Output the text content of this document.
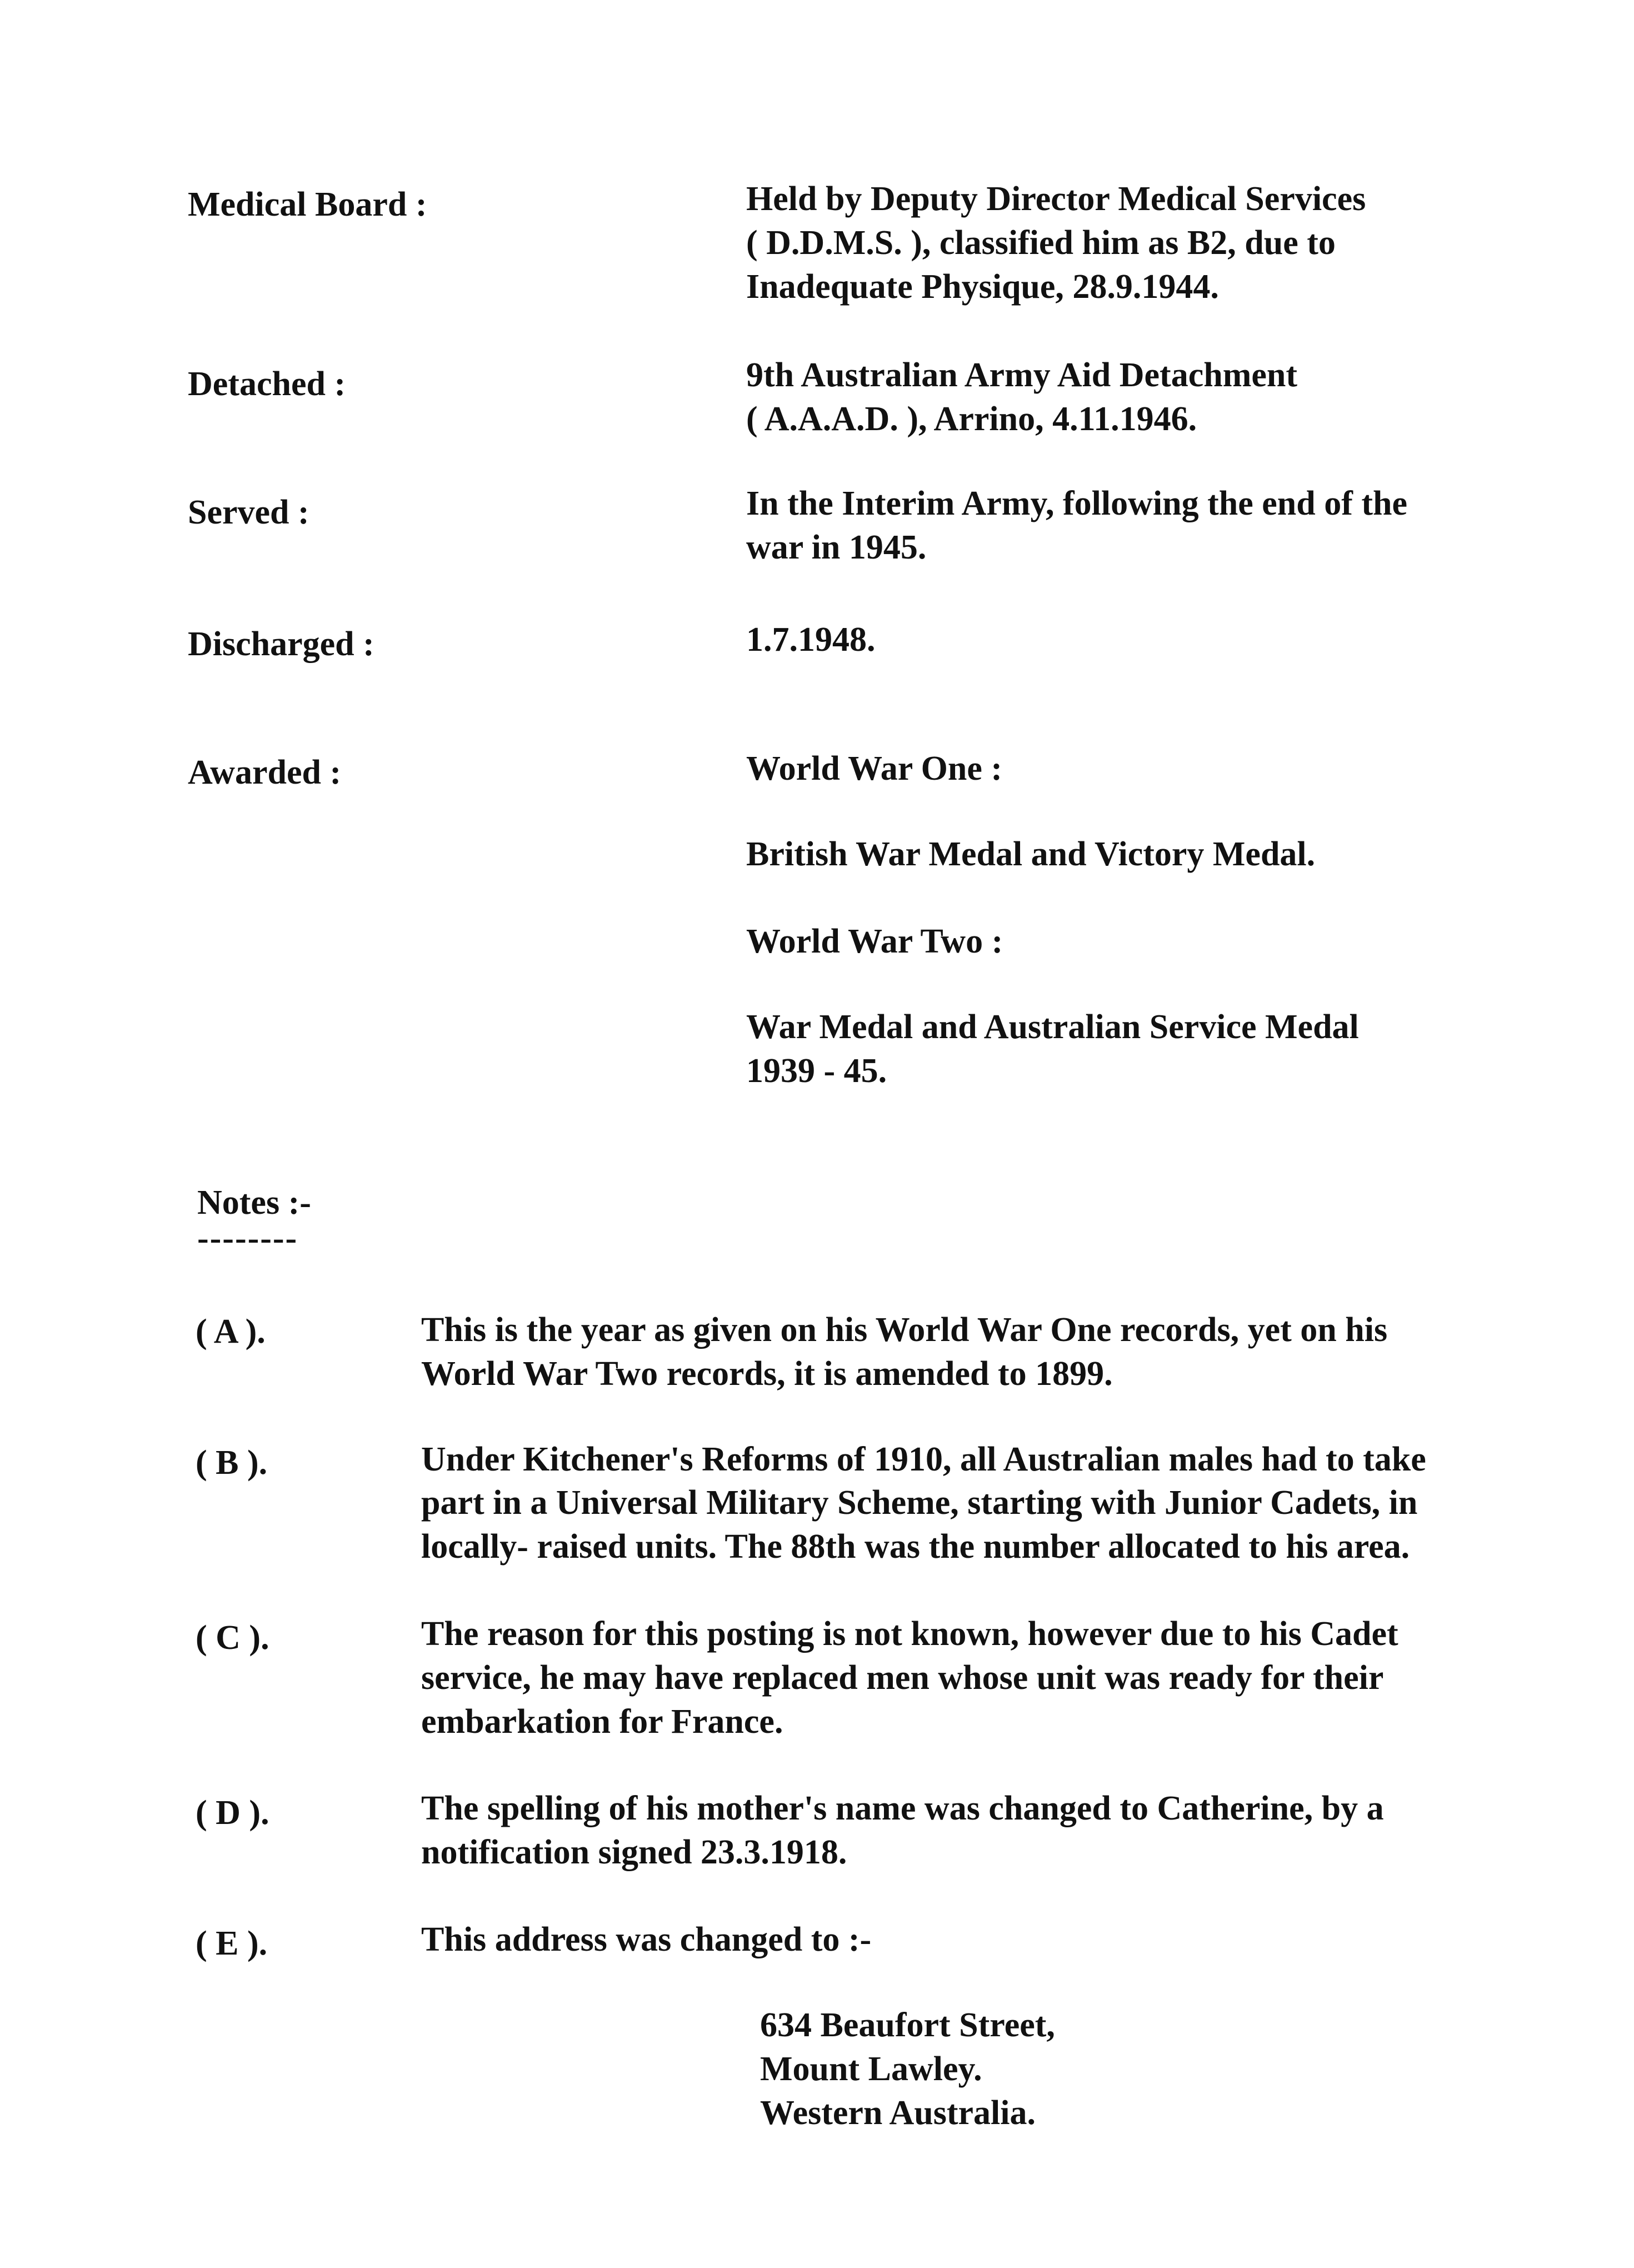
Medical Board :	Held by Deputy Director Medical Services
( D.D.M.S. ), classified him as B2, due to
Inadequate Physique, 28.9.1944.
Detached :	9th Australian Army Aid Detachment
( A.A.A.D. ), Arrino, 4.11.1946.
Served :	In the Interim Army, following the end of the
war in 1945.
Discharged :	1.7.1948.
Awarded :	World War One :
British War Medal and Victory Medal.
World War Two :
War Medal and Australian Service Medal
1939 - 45.
Notes :-
--------
( A ).	This is the year as given on his World War One records, yet on his
World War Two records, it is amended to 1899.
( B ).	Under Kitchener's Reforms of 1910, all Australian males had to take
part in a Universal Military Scheme, starting with Junior Cadets, in
locally- raised units. The 88th was the number allocated to his area.
( C ).	The reason for this posting is not known, however due to his Cadet
service, he may have replaced men whose unit was ready for their
embarkation for France.
( D ).	The spelling of his mother's name was changed to Catherine, by a
notification signed 23.3.1918.
( E ).	This address was changed to :-
634 Beaufort Street,
Mount Lawley.
Western Australia.
